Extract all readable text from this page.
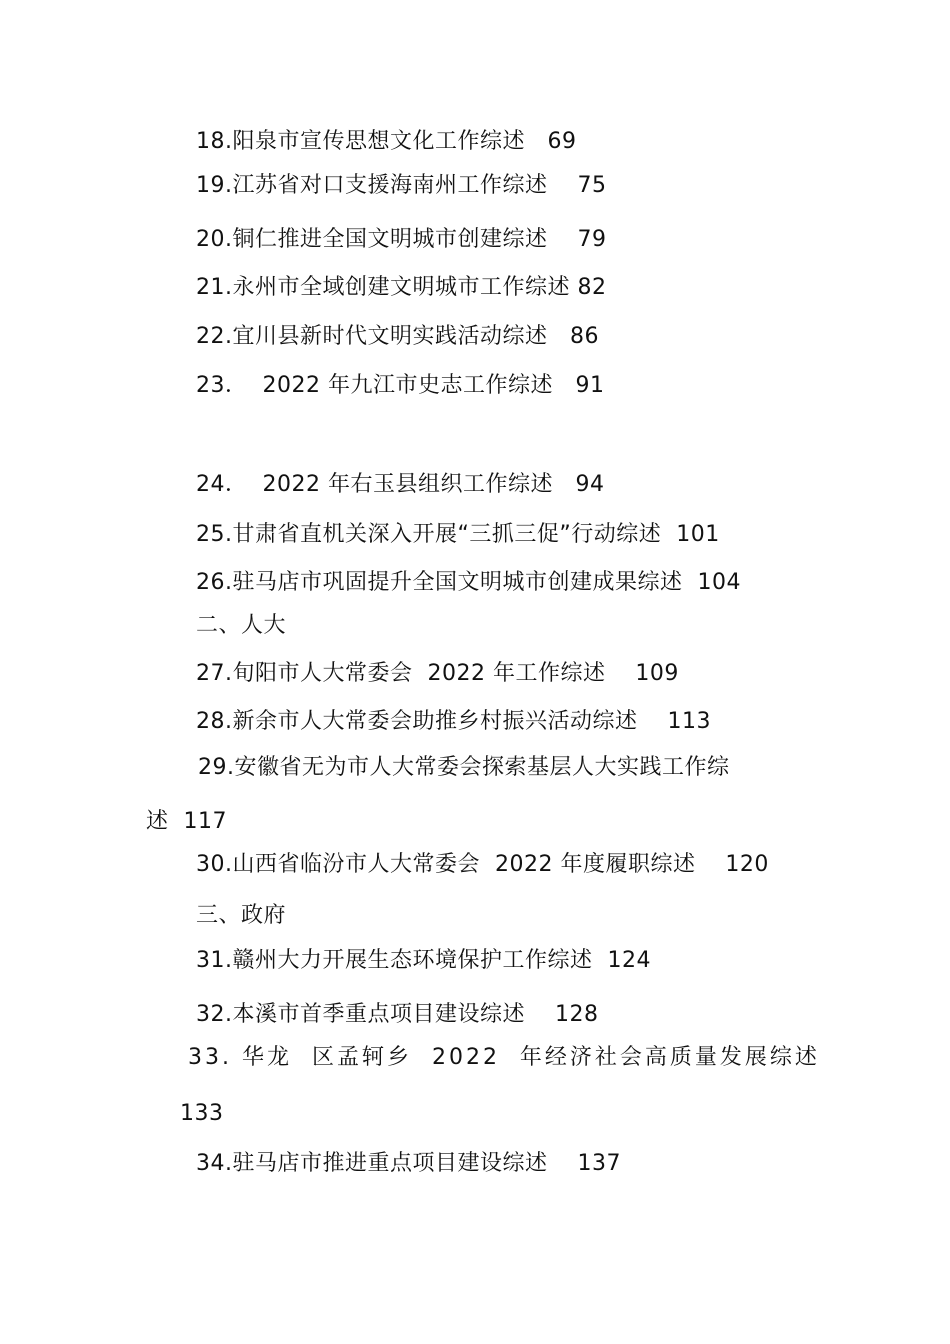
18.阳泉市宣传思想文化工作综述   69
19.江苏省对口支援海南州工作综述    75
20.铜仁推进全国文明城市创建综述    79
21.永州市全域创建文明城市工作综述 82
22.宜川县新时代文明实践活动综述   86
23．  2022 年九江市史志工作综述   91
24．  2022 年右玉县组织工作综述   94
25.甘肃省直机关深入开展“三抓三促”行动综述  101
26.驻马店市巩固提升全国文明城市创建成果综述  104
二、人大
27.旬阳市人大常委会  2022 年工作综述    109
28.新余市人大常委会助推乡村振兴活动综述    113
29.安徽省无为市人大常委会探索基层人大实践工作综
述  117
30.山西省临汾市人大常委会  2022 年度履职综述    120
三、政府
31.赣州大力开展生态环境保护工作综述  124
32.本溪市首季重点项目建设综述    128
33. 华龙  区孟轲乡  2022  年经济社会高质量发展综述
133
34.驻马店市推进重点项目建设综述    137
